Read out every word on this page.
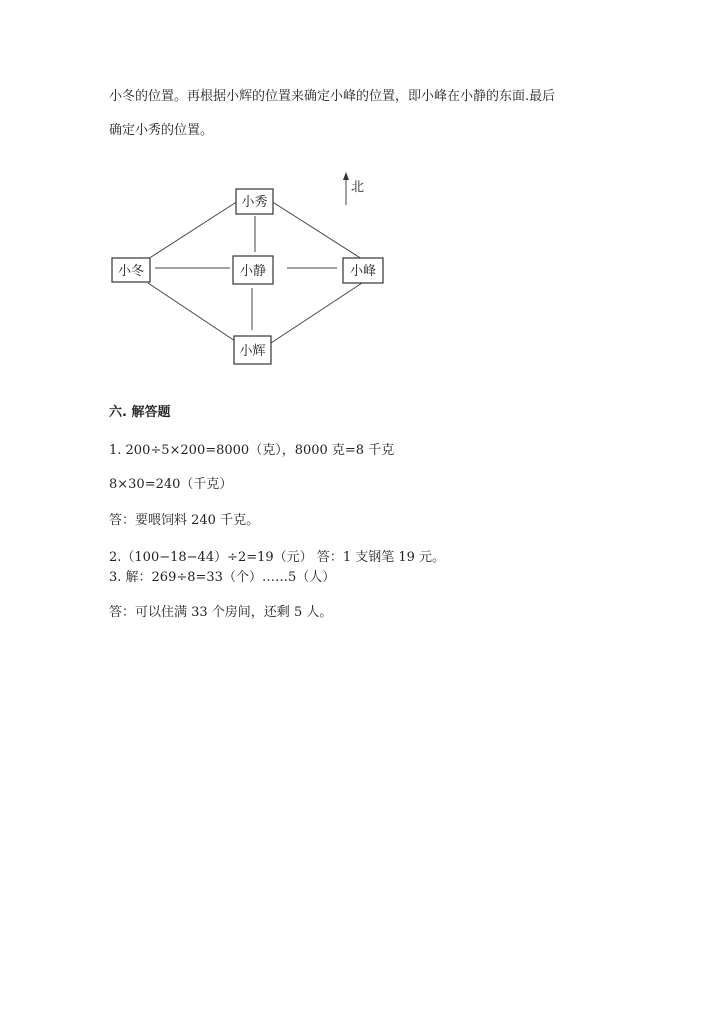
小冬的位置。再根据小辉的位置来确定小峰的位置，即小峰在小静的东面.最后
确定小秀的位置。
北
小秀
小冬	小静	小峰
小辉
六. 解答题
1. 200÷5×200=8000（克），8000 克=8 千克
8×30=240（千克）
答：要喂饲料 240 千克。
2.（100−18−44）÷2=19（元） 答：1 支钢笔 19 元。
3. 解：269÷8=33（个）……5（人）
答：可以住满 33 个房间，还剩 5 人。
